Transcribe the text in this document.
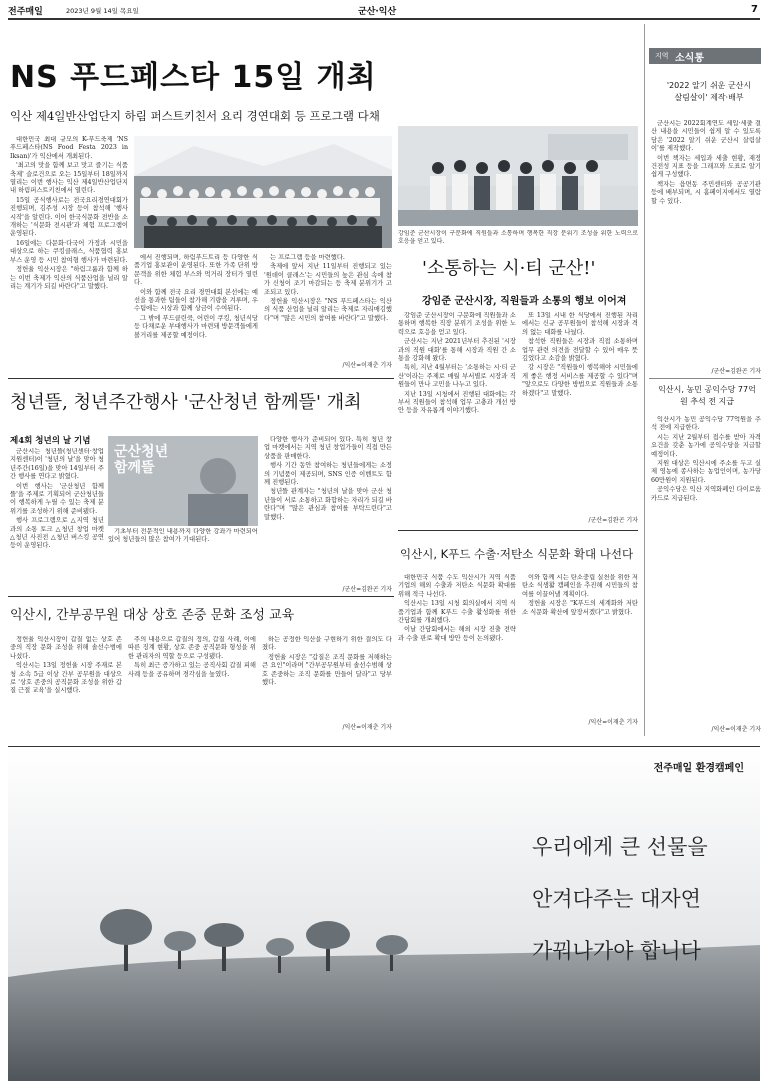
전주매일	2023년 9월 14일 목요일	군산·익산	7
NS 푸드페스타 15일 개최
익산 제4일반산업단지 하림 퍼스트키친서 요리 경연대회 등 프로그램 다채

대한민국 최대 규모의 K-푸드축제 'NS 푸드페스타(NS Food Festa 2023 in Iksan)'가 익산에서 개최된다.

'최고의 맛을 함께 보고 맛고 즐기는 식품 축제' 슬로건으로 오는 15일부터 18일까지 열리는 이번 행사는 익산 제4일반산업단지 내 하림퍼스트키친에서 열린다.

15일 공식행사로는 전국요리경연대회가 진행되며, 김주성 시장 등이 참석해 '행사 시작'을 알린다. 이어 한국식문화 전반을 소개하는 '식문화 전시관'과 체험 프로그램이 운영된다.

16일에는 다문화·다국어 가정과 시민을 대상으로 하는 쿠킹클래스, 식품협력 홍보 부스 운영 등 시민 참여형 행사가 마련된다.

정헌율 익산시장은 "하림그룹과 함께 하는 이번 축제가 익산의 식품산업을 널리 알리는 계기가 되길 바란다"고 말했다.

에서 진행되며, 하림푸드트리 등 다양한 식품기업 홍보관이 운영된다. 또한 가족 단위 방문객을 위한 체험 부스와 먹거리 장터가 열린다.

이와 함께 전국 요리 경연대회 본선에는 예선을 통과한 팀들이 참가해 기량을 겨루며, 우수팀에는 시상과 함께 상금이 수여된다.

그 밖에 푸드클린쿡, 어린이 쿠킹, 청년식당 등 다채로운 부대행사가 마련돼 방문객들에게 볼거리를 제공할 예정이다.

는 프로그램 등을 마련했다.

축제에 앞서 지난 11일부터 진행되고 있는 '원데이 클래스'는 시민들의 높은 관심 속에 참가 신청이 조기 마감되는 등 축제 분위기가 고조되고 있다.

정헌율 익산시장은 "NS 푸드페스타는 익산의 식품 산업을 널리 알리는 축제로 자리매김했다"며 "많은 시민의 참여를 바란다"고 말했다.

/익산=이재춘 기자
강임준 군산시장이 구문화에 직원들과 소통하며 행복한 직장 분위기 조성을 위한 노력으로 호응을 얻고 있다.
'소통하는 시·티 군산!'
강임준 군산시장, 직원들과 소통의 행보 이어져

강임준 군산시장이 구문화에 직원들과 소통하며 행복한 직장 분위기 조성을 위한 노력으로 호응을 얻고 있다.

군산시는 지난 2021년부터 추진된 '시장과의 직원 대화'를 통해 시장과 직원 간 소통을 강화해 왔다.

특히, 지난 4월부터는 '소통하는 시·티 군산'이라는 주제로 매월 부서별로 시장과 직원들이 만나 고민을 나누고 있다.

지난 13일 시청에서 진행된 대화에는 각 부서 직원들이 참석해 업무 고충과 개선 방안 등을 자유롭게 이야기했다.

또 13일 시내 한 식당에서 진행된 자리에서는 신규 공무원들이 참석해 시장과 격의 없는 대화를 나눴다.

참석한 직원들은 시장과 직접 소통하며 업무 관련 의견을 전달할 수 있어 매우 뜻깊었다고 소감을 밝혔다.

강 시장은 "직원들이 행복해야 시민들에게 좋은 행정 서비스를 제공할 수 있다"며 "앞으로도 다양한 방법으로 직원들과 소통하겠다"고 말했다.

/군산=김완곤 기자
청년뜰, 청년주간행사 '군산청년 함께뜰' 개최
제4회 청년의 날 기념

군산시는 청년뜰(청년센터·창업지원센터)이 '청년의 날'을 맞아 청년주간(16일)을 맞아 14일부터 주간 행사를 연다고 밝혔다.

이번 행사는 '군산청년 함께뜰'을 주제로 기획되어 군산청년들이 행복하게 누릴 수 있는 축제 분위기를 조성하기 위해 준비됐다.

행사 프로그램으로 △지역 청년과의 소통 토크 △청년 창업 마켓 △청년 사진전 △청년 버스킹 공연 등이 운영된다.

군산청년 함께뜰

기초부터 전문적인 내용까지 다양한 강좌가 마련되어 있어 청년들의 많은 참여가 기대된다.

다양한 행사가 준비되어 있다. 특히 청년 창업 마켓에서는 지역 청년 창업가들이 직접 만든 상품을 판매한다.

행사 기간 동안 참여하는 청년들에게는 소정의 기념품이 제공되며, SNS 인증 이벤트도 함께 진행된다.

청년뜰 관계자는 "청년의 날을 맞아 군산 청년들이 서로 소통하고 화합하는 자리가 되길 바란다"며 "많은 관심과 참여를 부탁드린다"고 말했다.

/군산=김완곤 기자
익산시, 간부공무원 대상 상호 존중 문화 조성 교육

정헌율 익산시장이 갑질 없는 상호 존중의 직장 문화 조성을 위해 솔선수범에 나섰다.

익산시는 13일 정헌율 시장 주재로 본청 소속 5급 이상 간부 공무원을 대상으로 '상호 존중의 공직문화 조성을 위한 갑질 근절 교육'을 실시했다.

주의 내용으로 갑질의 정의, 갑질 사례, 이에 따른 징계 현황, 상호 존중 공직문화 형성을 위한 관리자의 역할 등으로 구성됐다.

특히 최근 증가하고 있는 공직사회 갑질 피해 사례 등을 공유하며 경각심을 높였다.

하는 공정한 익산을 구현하기 위한 결의도 다졌다.

정헌율 시장은 "갑질은 조직 문화를 저해하는 큰 요인"이라며 "간부공무원부터 솔선수범해 상호 존중하는 조직 문화를 만들어 달라"고 당부했다.

/익산=이재춘 기자
익산시, K푸드 수출·저탄소 식문화 확대 나선다

대한민국 식품 수도 익산시가 지역 식품기업의 해외 수출과 저탄소 식문화 확대를 위해 적극 나선다.

익산시는 13일 시청 회의실에서 지역 식품기업과 함께 K푸드 수출 활성화를 위한 간담회를 개최했다.

이날 간담회에서는 해외 시장 진출 전략과 수출 판로 확대 방안 등이 논의됐다.

이와 함께 시는 탄소중립 실천을 위한 저탄소 식생활 캠페인을 추진해 시민들의 참여를 이끌어낼 계획이다.

정헌율 시장은 "K푸드의 세계화와 저탄소 식문화 확산에 앞장서겠다"고 밝혔다.

/익산=이재춘 기자
지역 소식통
'2022 알기 쉬운 군산시 살림살이' 제작·배부

군산시는 2022회계연도 세입·세출 결산 내용을 시민들이 쉽게 알 수 있도록 담은 '2022 알기 쉬운 군산시 살림살이'를 제작했다.

이번 책자는 세입과 세출 현황, 재정 건전성 지표 등을 그래프와 도표로 알기 쉽게 구성했다.

책자는 읍면동 주민센터와 공공기관 등에 배부되며, 시 홈페이지에서도 열람할 수 있다.

/군산=김완곤 기자
익산시, 농민 공익수당 77억원 추석 전 지급

익산시가 농민 공익수당 77억원을 추석 전에 지급한다.

시는 지난 2월부터 접수를 받아 자격 요건을 갖춘 농가에 공익수당을 지급할 예정이다.

지원 대상은 익산시에 주소를 두고 실제 영농에 종사하는 농업인이며, 농가당 60만원이 지원된다.

공익수당은 익산 지역화폐인 다이로움 카드로 지급된다.

/익산=이재춘 기자
전주매일 환경캠페인
우리에게 큰 선물을
안겨다주는 대자연
가꿔나가야 합니다
